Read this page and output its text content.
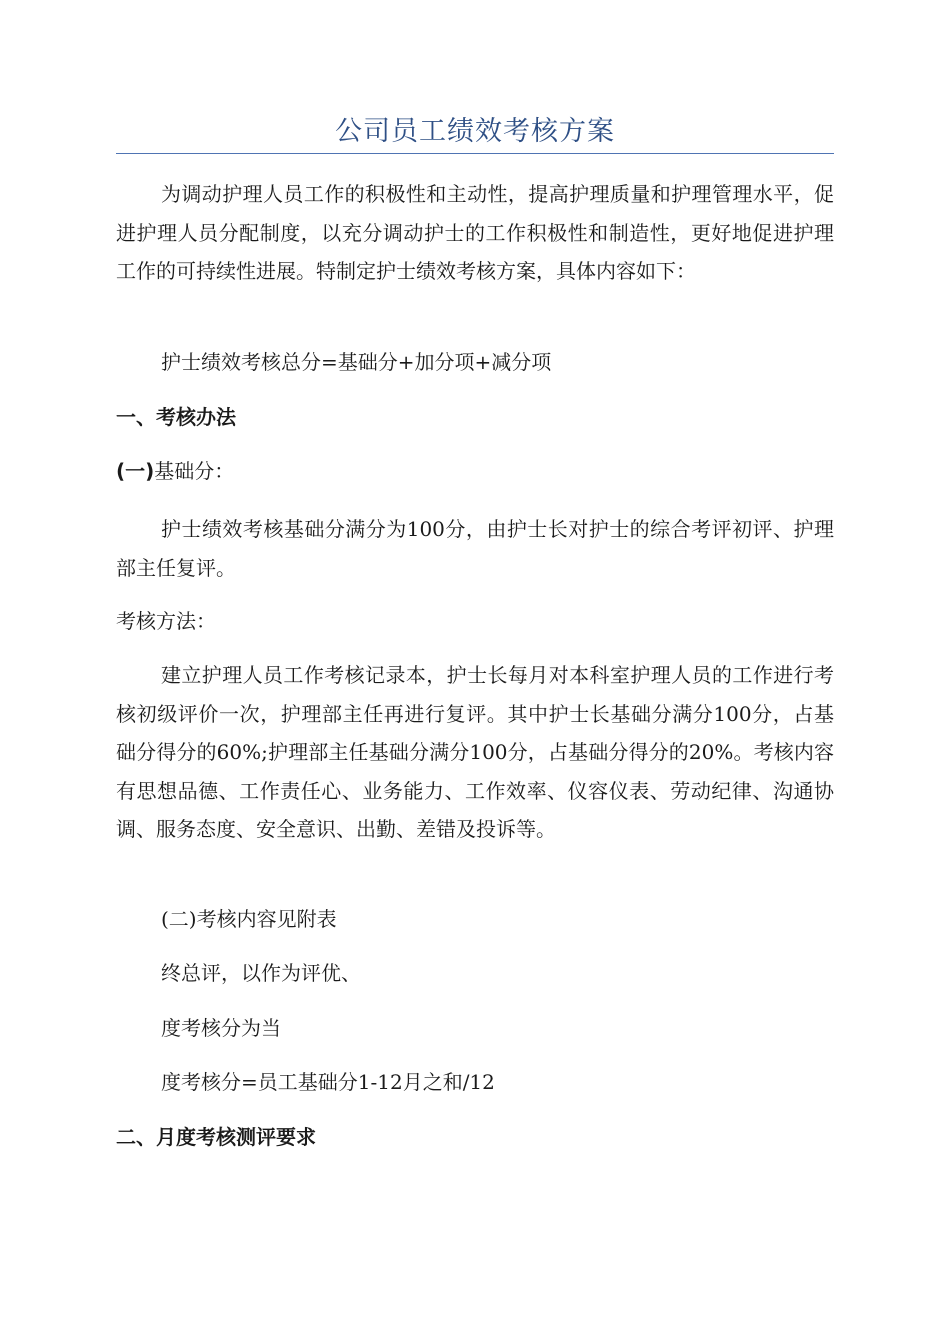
公司员工绩效考核方案

为调动护理人员工作的积极性和主动性，提高护理质量和护理管理水平，促进护理人员分配制度，以充分调动护士的工作积极性和制造性，更好地促进护理工作的可持续性进展。特制定护士绩效考核方案，具体内容如下：

护士绩效考核总分=基础分+加分项+减分项

一、考核办法

(一)基础分：

护士绩效考核基础分满分为100分，由护士长对护士的综合考评初评、护理部主任复评。

考核方法：

建立护理人员工作考核记录本，护士长每月对本科室护理人员的工作进行考核初级评价一次，护理部主任再进行复评。其中护士长基础分满分100分，占基础分得分的60%;护理部主任基础分满分100分，占基础分得分的20%。考核内容有思想品德、工作责任心、业务能力、工作效率、仪容仪表、劳动纪律、沟通协调、服务态度、安全意识、出勤、差错及投诉等。

(二)考核内容见附表

终总评，以作为评优、

度考核分为当

度考核分=员工基础分1-12月之和/12

二、月度考核测评要求
